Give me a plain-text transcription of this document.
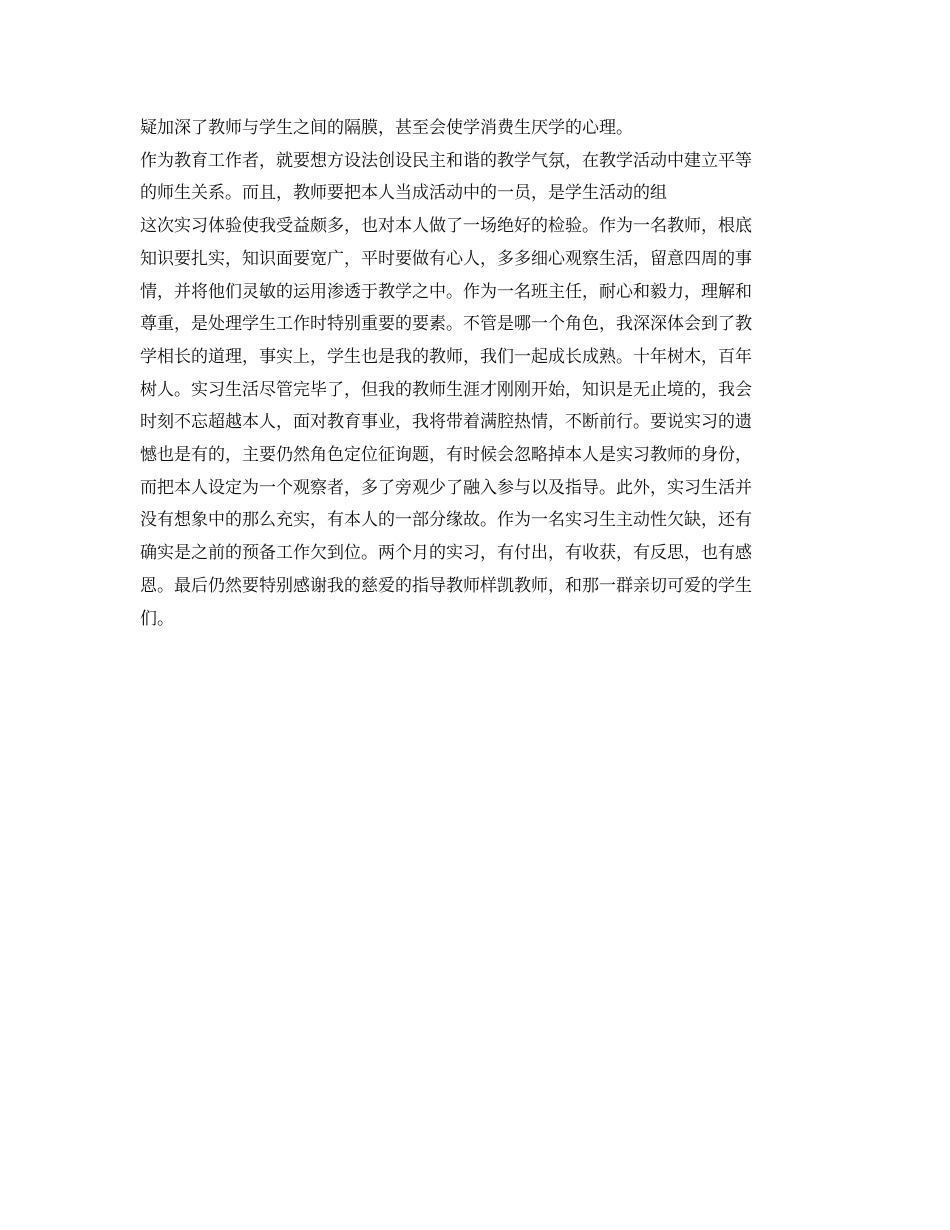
疑加深了教师与学生之间的隔膜，甚至会使学消费生厌学的心理。

作为教育工作者，就要想方设法创设民主和谐的教学气氛，在教学活动中建立平等

的师生关系。而且，教师要把本人当成活动中的一员，是学生活动的组

这次实习体验使我受益颇多，也对本人做了一场绝好的检验。作为一名教师，根底

知识要扎实，知识面要宽广，平时要做有心人，多多细心观察生活，留意四周的事

情，并将他们灵敏的运用渗透于教学之中。作为一名班主任，耐心和毅力，理解和

尊重，是处理学生工作时特别重要的要素。不管是哪一个角色，我深深体会到了教

学相长的道理，事实上，学生也是我的教师，我们一起成长成熟。十年树木，百年

树人。实习生活尽管完毕了，但我的教师生涯才刚刚开始，知识是无止境的，我会

时刻不忘超越本人，面对教育事业，我将带着满腔热情，不断前行。要说实习的遗

憾也是有的，主要仍然角色定位征询题，有时候会忽略掉本人是实习教师的身份，

而把本人设定为一个观察者，多了旁观少了融入参与以及指导。此外，实习生活并

没有想象中的那么充实，有本人的一部分缘故。作为一名实习生主动性欠缺，还有

确实是之前的预备工作欠到位。两个月的实习，有付出，有收获，有反思，也有感

恩。最后仍然要特别感谢我的慈爱的指导教师样凯教师，和那一群亲切可爱的学生

们。
